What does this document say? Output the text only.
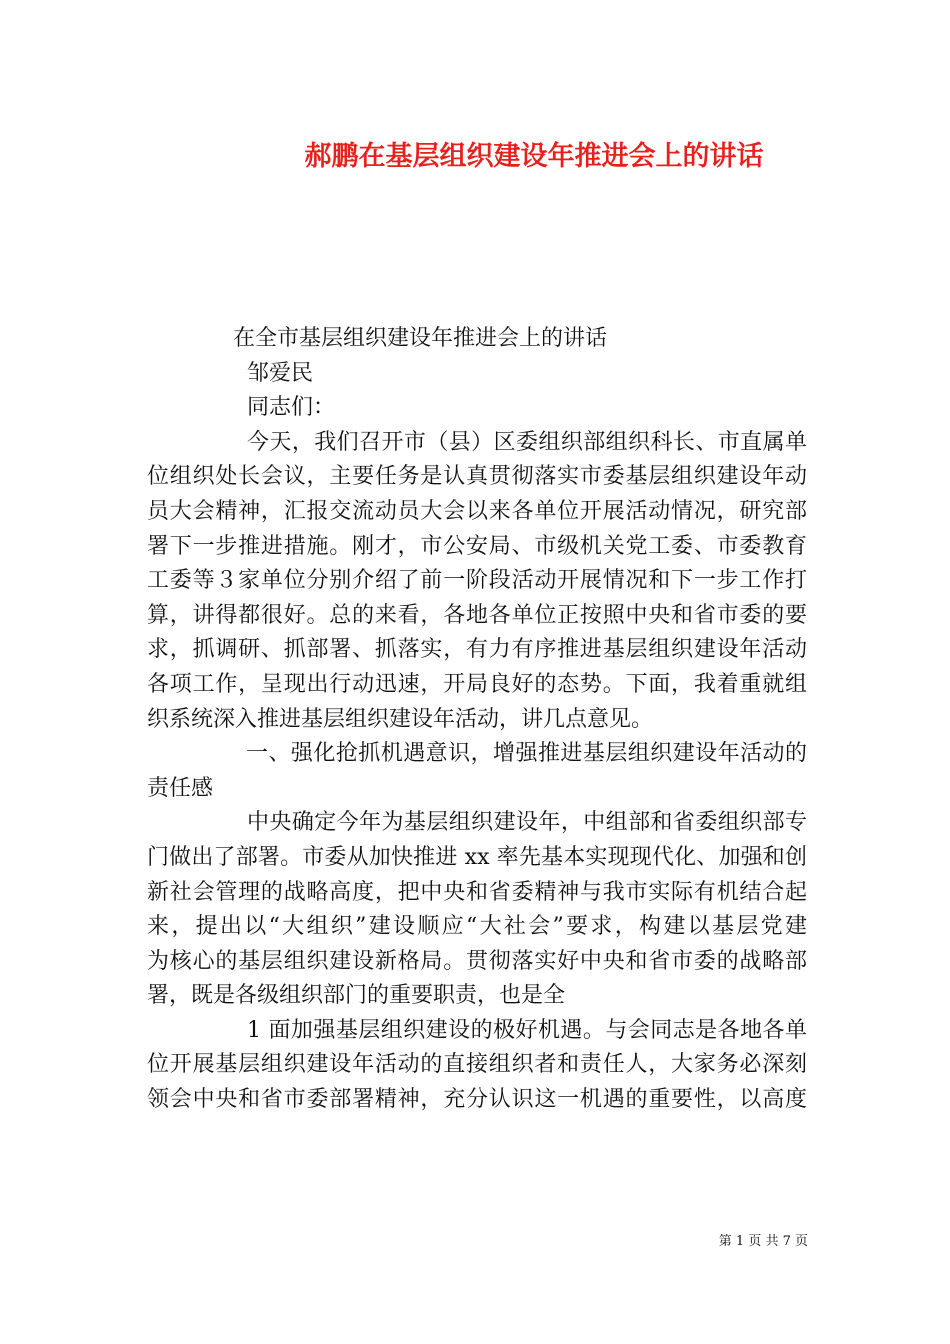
郝鹏在基层组织建设年推进会上的讲话
在全市基层组织建设年推进会上的讲话
邹爱民
同志们：
今天，我们召开市（县）区委组织部组织科长、市直属单
位组织处长会议，主要任务是认真贯彻落实市委基层组织建设年动
员大会精神，汇报交流动员大会以来各单位开展活动情况，研究部
署下一步推进措施。刚才，市公安局、市级机关党工委、市委教育
工委等３家单位分别介绍了前一阶段活动开展情况和下一步工作打
算，讲得都很好。总的来看，各地各单位正按照中央和省市委的要
求，抓调研、抓部署、抓落实，有力有序推进基层组织建设年活动
各项工作，呈现出行动迅速，开局良好的态势。下面，我着重就组
织系统深入推进基层组织建设年活动，讲几点意见。
一、强化抢抓机遇意识，增强推进基层组织建设年活动的
责任感
中央确定今年为基层组织建设年，中组部和省委组织部专
门做出了部署。市委从加快推进 xx 率先基本实现现代化、加强和创
新社会管理的战略高度，把中央和省委精神与我市实际有机结合起
来，提出以“大组织”建设顺应“大社会”要求，构建以基层党建
为核心的基层组织建设新格局。贯彻落实好中央和省市委的战略部
署，既是各级组织部门的重要职责，也是全
1 面加强基层组织建设的极好机遇。与会同志是各地各单
位开展基层组织建设年活动的直接组织者和责任人，大家务必深刻
领会中央和省市委部署精神，充分认识这一机遇的重要性，以高度
第 1 页 共 7 页
